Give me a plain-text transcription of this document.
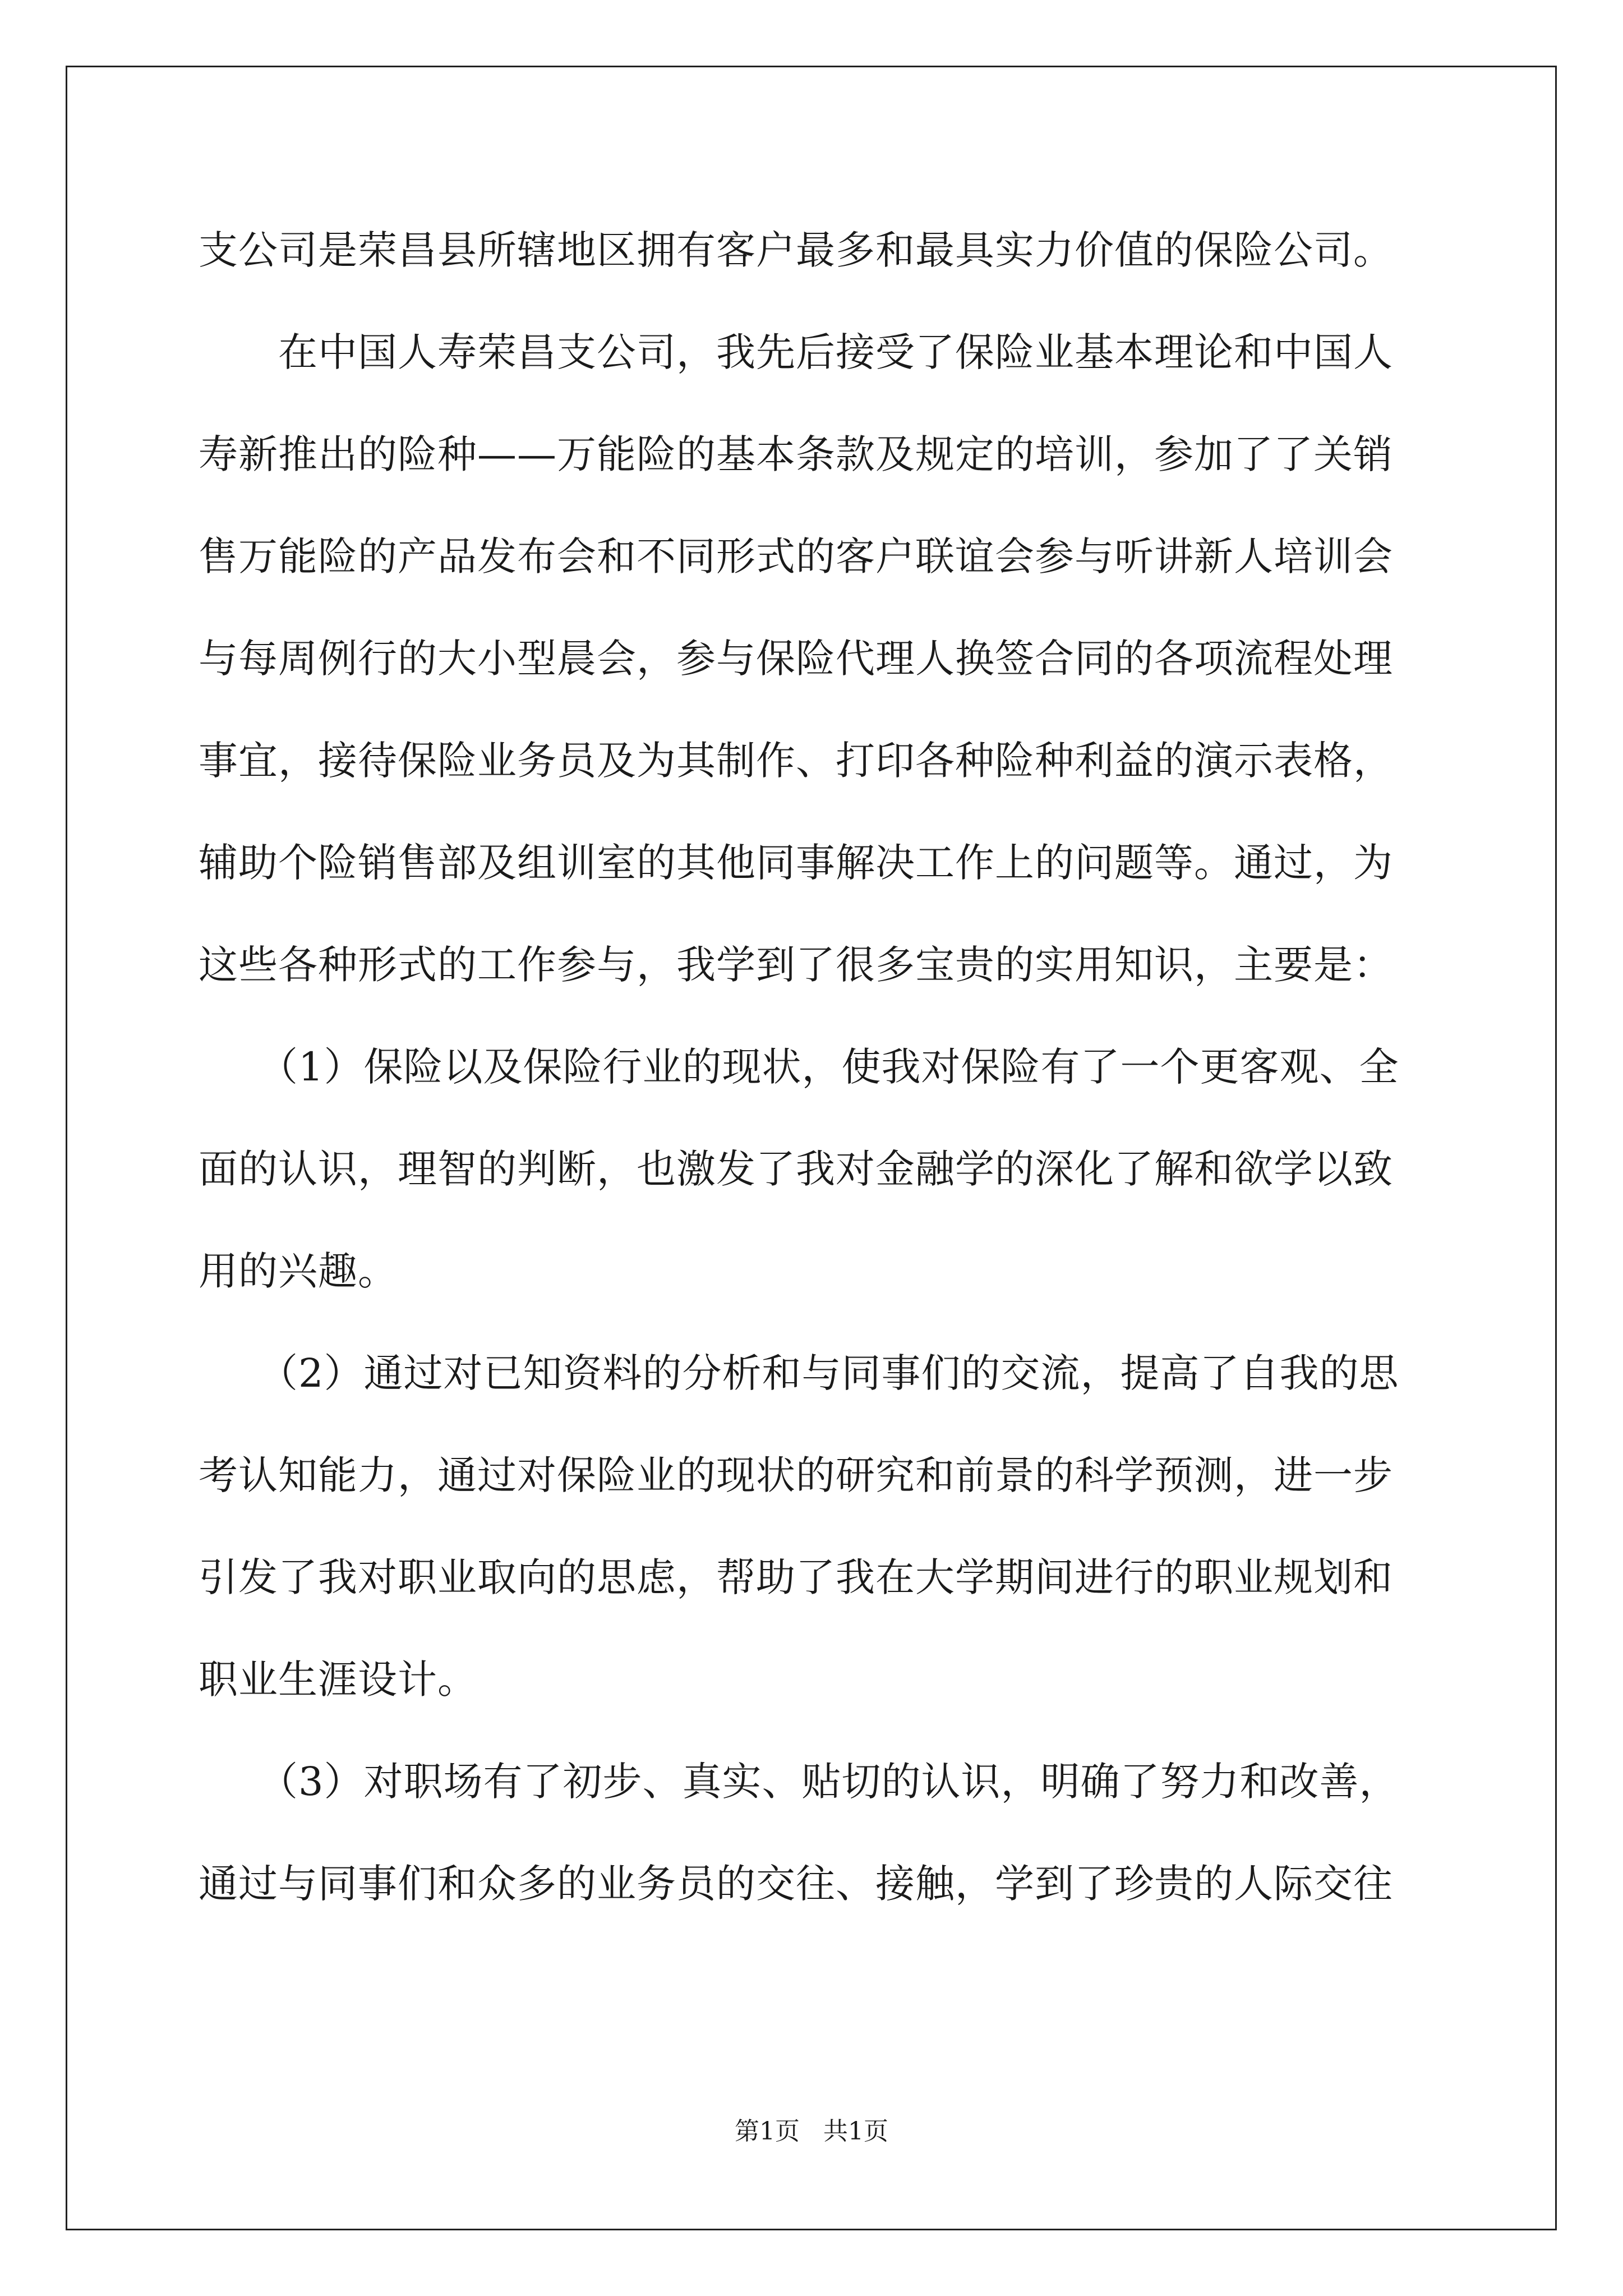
支公司是荣昌县所辖地区拥有客户最多和最具实力价值的保险公司。
　　在中国人寿荣昌支公司，我先后接受了保险业基本理论和中国人
寿新推出的险种——万能险的基本条款及规定的培训，参加了了关销
售万能险的产品发布会和不同形式的客户联谊会参与听讲新人培训会
与每周例行的大小型晨会，参与保险代理人换签合同的各项流程处理
事宜，接待保险业务员及为其制作、打印各种险种利益的演示表格，
辅助个险销售部及组训室的其他同事解决工作上的问题等。通过，为
这些各种形式的工作参与，我学到了很多宝贵的实用知识，主要是：
　　（1）保险以及保险行业的现状，使我对保险有了一个更客观、全
面的认识，理智的判断，也激发了我对金融学的深化了解和欲学以致
用的兴趣。
　　（2）通过对已知资料的分析和与同事们的交流，提高了自我的思
考认知能力，通过对保险业的现状的研究和前景的科学预测，进一步
引发了我对职业取向的思虑，帮助了我在大学期间进行的职业规划和
职业生涯设计。
　　（3）对职场有了初步、真实、贴切的认识，明确了努力和改善，
通过与同事们和众多的业务员的交往、接触，学到了珍贵的人际交往
第1页   共1页
